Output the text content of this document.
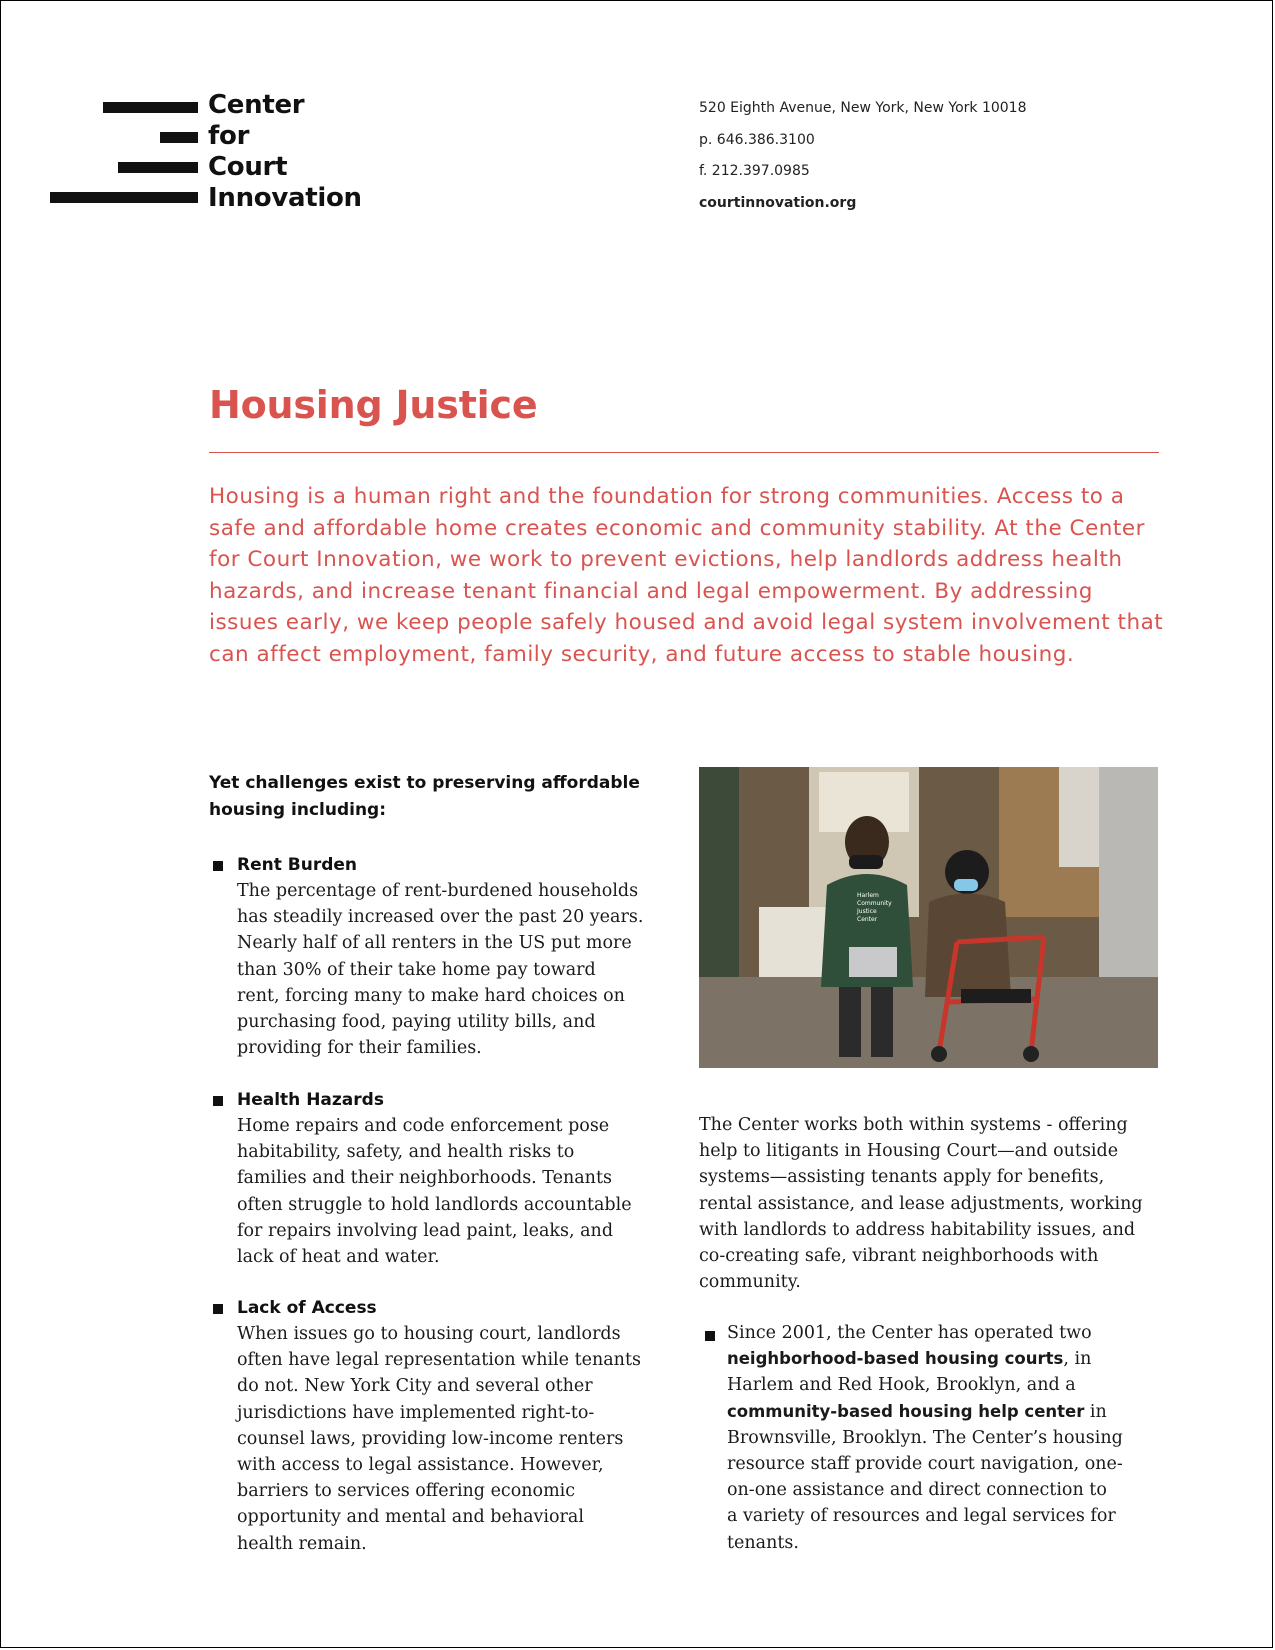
Center
for
Court
Innovation

520 Eighth Avenue, New York, New York 10018
p. 646.386.3100
f. 212.397.0985
courtinnovation.org
Housing Justice

Housing is a human right and the foundation for strong communities. Access to a safe and affordable home creates economic and community stability. At the Center for Court Innovation, we work to prevent evictions, help landlords address health hazards, and increase tenant financial and legal empowerment. By addressing issues early, we keep people safely housed and avoid legal system involvement that can affect employment, family security, and future access to stable housing.

Yet challenges exist to preserving affordable
housing including:

Rent Burden

The percentage of rent-burdened households
has steadily increased over the past 20 years.
Nearly half of all renters in the US put more
than 30% of their take home pay toward
rent, forcing many to make hard choices on
purchasing food, paying utility bills, and
providing for their families.

Health Hazards

Home repairs and code enforcement pose
habitability, safety, and health risks to
families and their neighborhoods. Tenants
often struggle to hold landlords accountable
for repairs involving lead paint, leaks, and
lack of heat and water.

Lack of Access

When issues go to housing court, landlords
often have legal representation while tenants
do not. New York City and several other
jurisdictions have implemented right-to-
counsel laws, providing low-income renters
with access to legal assistance. However,
barriers to services offering economic
opportunity and mental and behavioral
health remain.

Harlem
Community
Justice
Center

The Center works both within systems - offering
help to litigants in Housing Court—and outside
systems—assisting tenants apply for benefits,
rental assistance, and lease adjustments, working
with landlords to address habitability issues, and
co-creating safe, vibrant neighborhoods with
community.

Since 2001, the Center has operated two
neighborhood-based housing courts, in
Harlem and Red Hook, Brooklyn, and a
community-based housing help center in
Brownsville, Brooklyn. The Center’s housing
resource staff provide court navigation, one-
on-one assistance and direct connection to
a variety of resources and legal services for
tenants.
